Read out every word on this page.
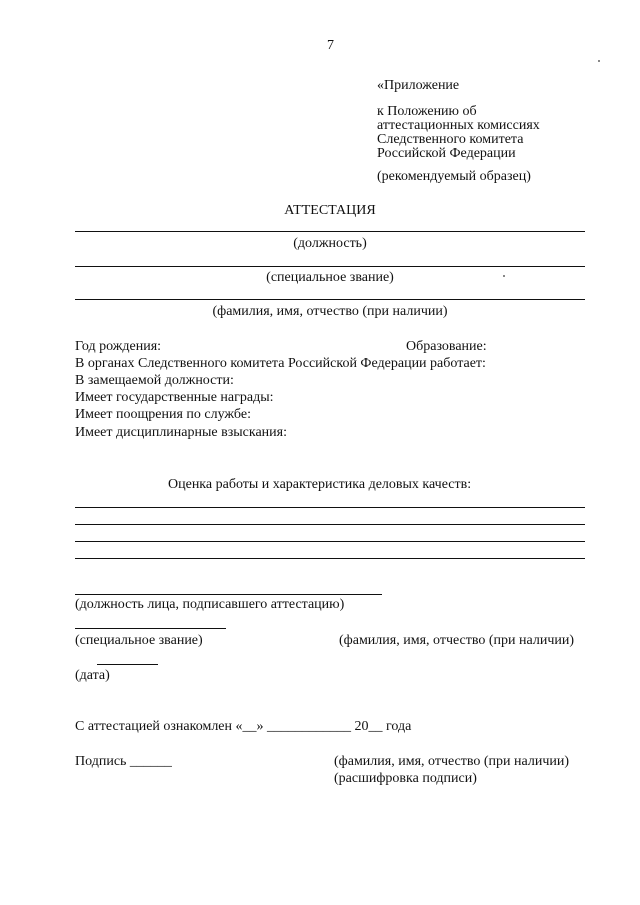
7
«Приложение
к Положению об
аттестационных комиссиях
Следственного комитета
Российской Федерации
(рекомендуемый образец)
АТТЕСТАЦИЯ
(должность)
(специальное звание)
(фамилия, имя, отчество (при наличии)
Год рождения:	Образование:
В органах Следственного комитета Российской Федерации работает:
В замещаемой должности:
Имеет государственные награды:
Имеет поощрения по службе:
Имеет дисциплинарные взыскания:
Оценка работы и характеристика деловых качеств:
(должность лица, подписавшего аттестацию)
(специальное звание)	(фамилия, имя, отчество (при наличии)
(дата)
С аттестацией ознакомлен «__» ____________ 20__ года
Подпись ______	(фамилия, имя, отчество (при наличии)
(расшифровка подписи)
